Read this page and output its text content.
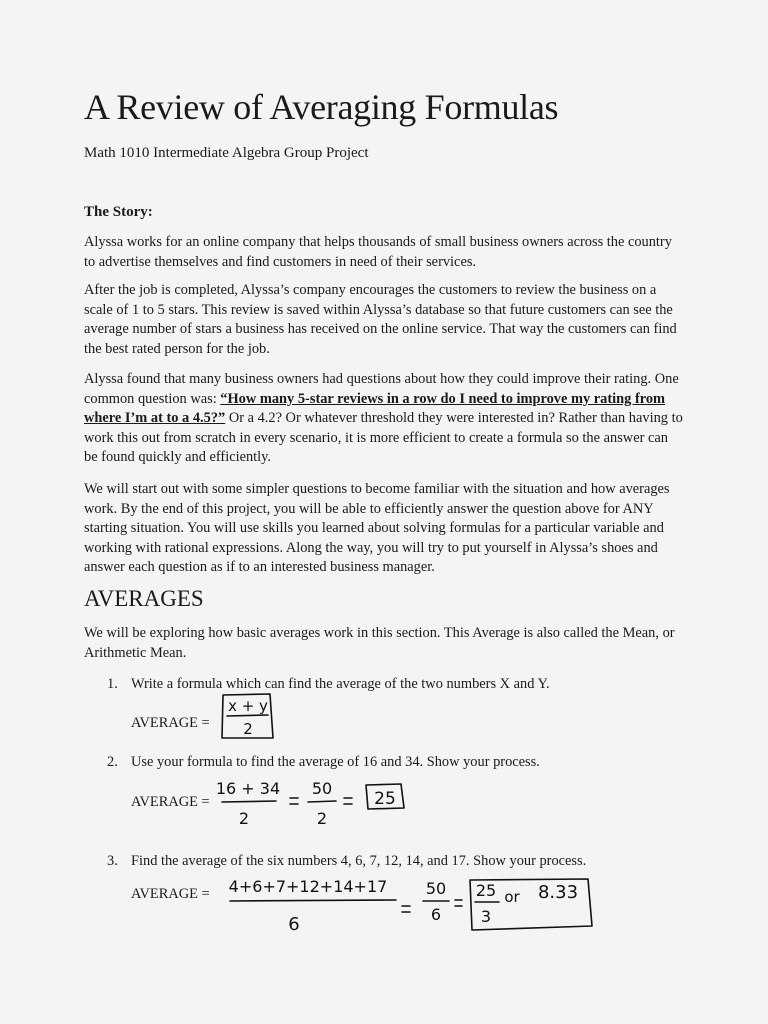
A Review of Averaging Formulas

Math 1010 Intermediate Algebra Group Project

The Story:

Alyssa works for an online company that helps thousands of small business owners across the country to advertise themselves and find customers in need of their services.

After the job is completed, Alyssa’s company encourages the customers to review the business on a scale of 1 to 5 stars. This review is saved within Alyssa’s database so that future customers can see the average number of stars a business has received on the online service. That way the customers can find the best rated person for the job.

Alyssa found that many business owners had questions about how they could improve their rating. One common question was: “How many 5-star reviews in a row do I need to improve my rating from where I’m at to a 4.5?” Or a 4.2? Or whatever threshold they were interested in? Rather than having to work this out from scratch in every scenario, it is more efficient to create a formula so the answer can be found quickly and efficiently.

We will start out with some simpler questions to become familiar with the situation and how averages work. By the end of this project, you will be able to efficiently answer the question above for ANY starting situation. You will use skills you learned about solving formulas for a particular variable and working with rational expressions. Along the way, you will try to put yourself in Alyssa’s shoes and answer each question as if to an interested business manager.

AVERAGES

We will be exploring how basic averages work in this section. This Average is also called the Mean, or Arithmetic Mean.

1. Write a formula which can find the average of the two numbers X and Y.

AVERAGE =

x + y
2

2. Use your formula to find the average of 16 and 34. Show your process.

AVERAGE =

16 + 34
2
50
2
25

3. Find the average of the six numbers 4, 6, 7, 12, 14, and 17. Show your process.

AVERAGE = 4+6+7+12+14+17
6
50
6
25
3
or 8.33
